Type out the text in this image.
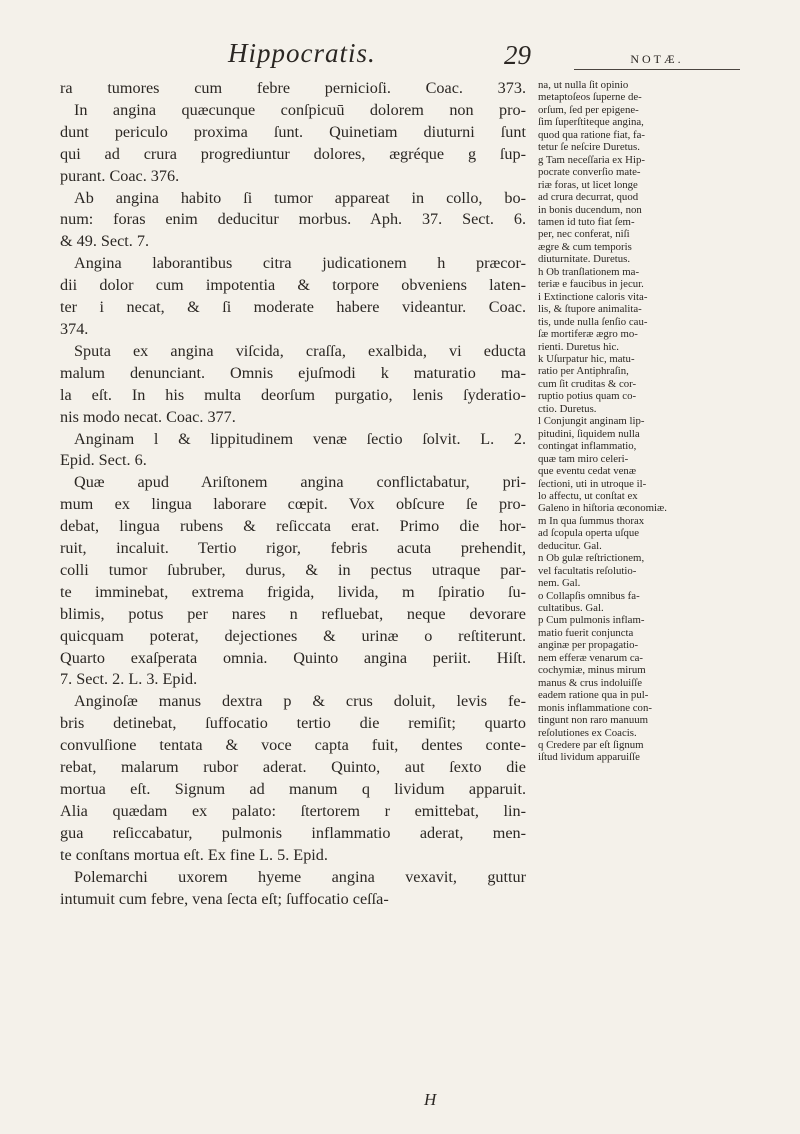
Hippocratis.	29	NOTÆ.
ra tumores cum febre pernicioſi. Coac. 373.
In angina quæcunque conſpicuū dolorem non pro-
dunt periculo proxima ſunt. Quinetiam diuturni ſunt
qui ad crura progrediuntur dolores, ægréque g ſup-
purant. Coac. 376.
Ab angina habito ſi tumor appareat in collo, bo-
num: foras enim deducitur morbus. Aph. 37. Sect. 6.
& 49. Sect. 7.
Angina laborantibus citra judicationem h præcor-
dii dolor cum impotentia & torpore obveniens laten-
ter i necat, & ſi moderate habere videantur. Coac.
374.
Sputa ex angina viſcida, craſſa, exalbida, vi educta
malum denunciant. Omnis ejuſmodi k maturatio ma-
la eſt. In his multa deorſum purgatio, lenis ſyderatio-
nis modo necat. Coac. 377.
Anginam l & lippitudinem venæ ſectio ſolvit. L. 2.
Epid. Sect. 6.
Quæ apud Ariſtonem angina conflictabatur, pri-
mum ex lingua laborare cœpit. Vox obſcure ſe pro-
debat, lingua rubens & reſiccata erat. Primo die hor-
ruit, incaluit. Tertio rigor, febris acuta prehendit,
colli tumor ſubruber, durus, & in pectus utraque par-
te imminebat, extrema frigida, livida, m ſpiratio ſu-
blimis, potus per nares n refluebat, neque devorare
quicquam poterat, dejectiones & urinæ o reſtiterunt.
Quarto exaſperata omnia. Quinto angina periit. Hiſt.
7. Sect. 2. L. 3. Epid.
Anginoſæ manus dextra p & crus doluit, levis fe-
bris detinebat, ſuffocatio tertio die remiſit; quarto
convulſione tentata & voce capta fuit, dentes conte-
rebat, malarum rubor aderat. Quinto, aut ſexto die
mortua eſt. Signum ad manum q lividum apparuit.
Alia quædam ex palato: ſtertorem r emittebat, lin-
gua reſiccabatur, pulmonis inflammatio aderat, men-
te conſtans mortua eſt. Ex fine L. 5. Epid.
Polemarchi uxorem hyeme angina vexavit, guttur
intumuit cum febre, vena ſecta eſt; ſuffocatio ceſſa-
na, ut nulla ſit opinio
metaptoſeos ſuperne de-
orſum, ſed per epigene-
ſim ſuperſtiteque angina,
quod qua ratione fiat, fa-
tetur ſe neſcire Duretus.
g Tam neceſſaria ex Hip-
pocrate converſio mate-
riæ foras, ut licet longe
ad crura decurrat, quod
in bonis ducendum, non
tamen id tuto fiat ſem-
per, nec conferat, niſi
ægre & cum temporis
diuturnitate. Duretus.
h Ob tranſlationem ma-
teriæ e faucibus in jecur.
i Extinctione caloris vita-
lis, & ſtupore animalita-
tis, unde nulla ſenſio cau-
ſæ mortiferæ ægro mo-
rienti. Duretus hic.
k Uſurpatur hic, matu-
ratio per Antiphraſin,
cum ſit cruditas & cor-
ruptio potius quam co-
ctio. Duretus.
l Conjungit anginam lip-
pitudini, ſiquidem nulla
contingat inflammatio,
quæ tam miro celeri-
que eventu cedat venæ
ſectioni, uti in utroque il-
lo affectu, ut conſtat ex
Galeno in hiſtoria œconomiæ.
m In qua ſummus thorax
ad ſcopula operta uſque
deducitur. Gal.
n Ob gulæ reſtrictionem,
vel facultatis reſolutio-
nem. Gal.
o Collapſis omnibus fa-
cultatibus. Gal.
p Cum pulmonis inflam-
matio fuerit conjuncta
anginæ per propagatio-
nem efferæ venarum ca-
cochymiæ, minus mirum
manus & crus indoluiſſe
eadem ratione qua in pul-
monis inflammatione con-
tingunt non raro manuum
reſolutiones ex Coacis.
q Credere par eſt ſignum
iſtud lividum apparuiſſe
H
